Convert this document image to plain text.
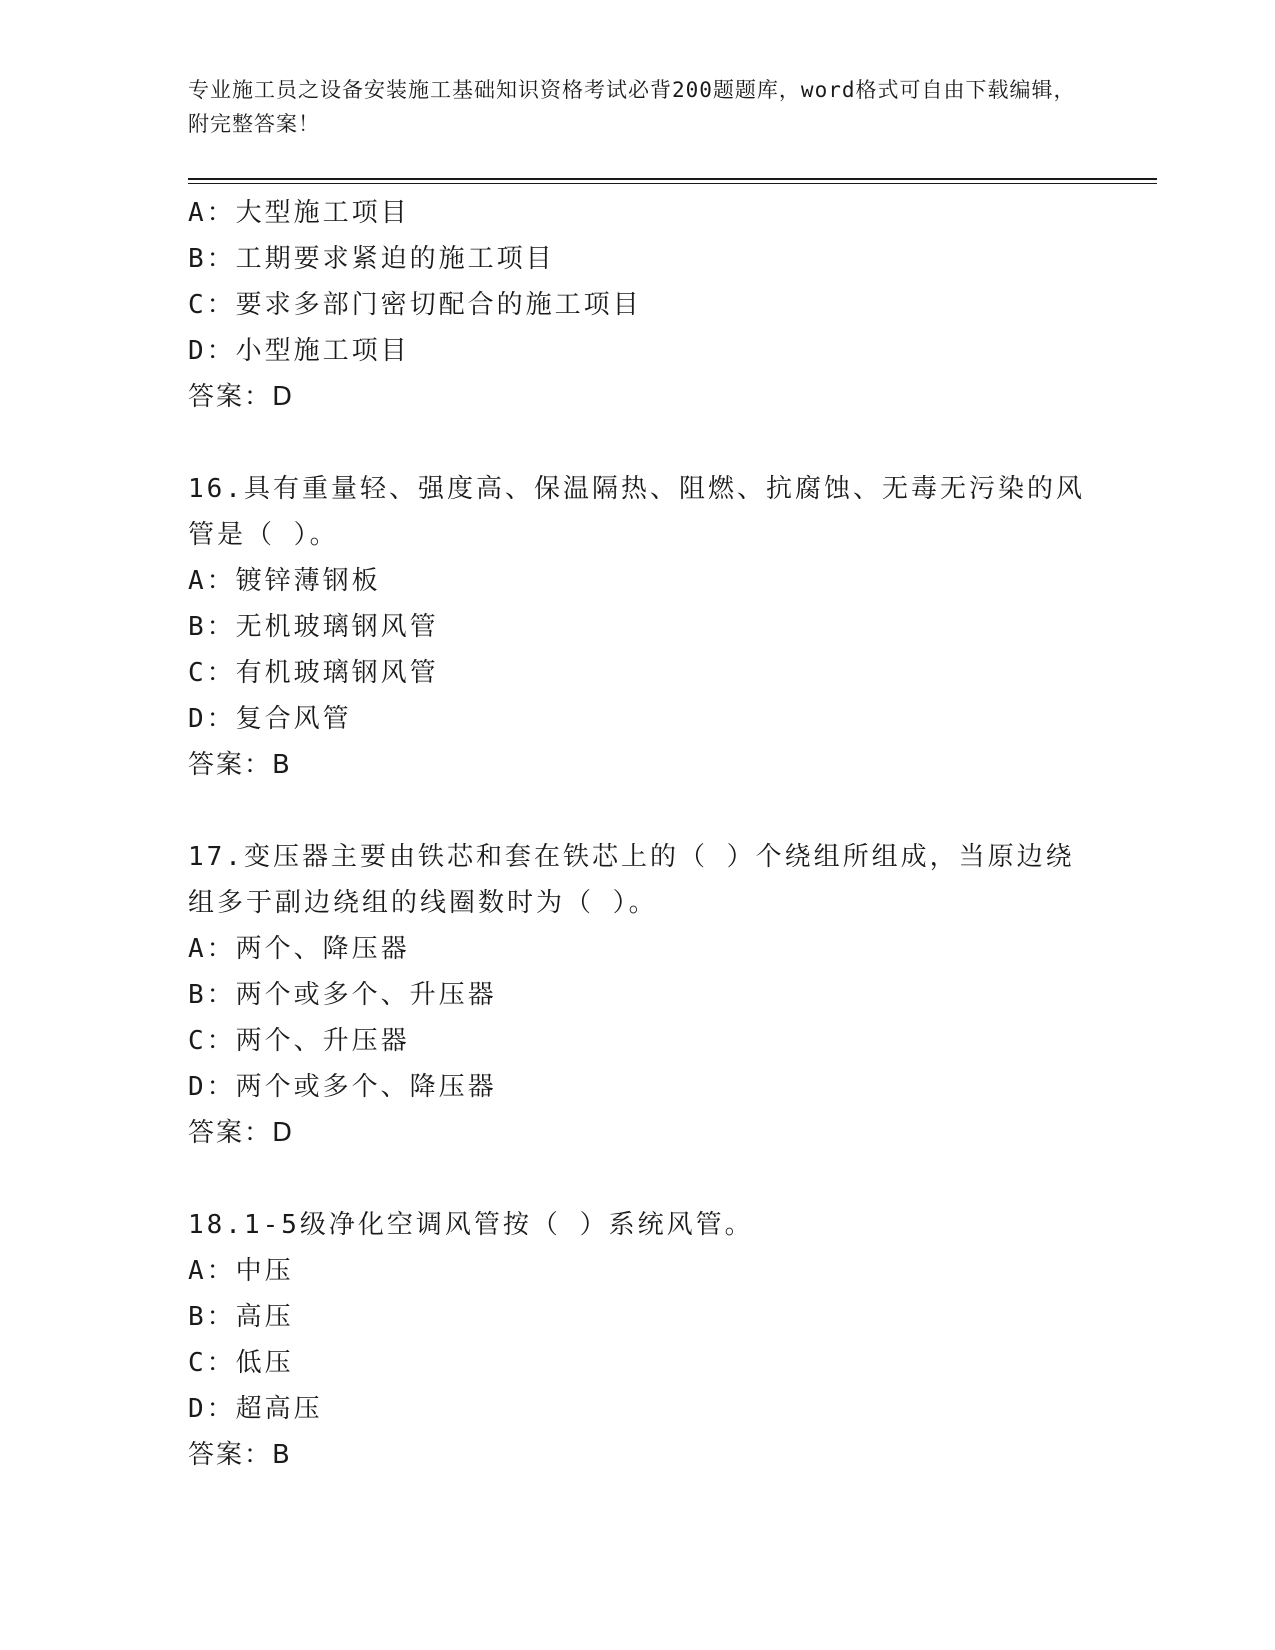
专业施工员之设备安装施工基础知识资格考试必背200题题库，word格式可自由下载编辑，附完整答案！
A：大型施工项目
B：工期要求紧迫的施工项目
C：要求多部门密切配合的施工项目
D：小型施工项目
答案：D
16.具有重量轻、强度高、保温隔热、阻燃、抗腐蚀、无毒无污染的风管是（ ）。
A：镀锌薄钢板
B：无机玻璃钢风管
C：有机玻璃钢风管
D：复合风管
答案：B
17.变压器主要由铁芯和套在铁芯上的（ ）个绕组所组成，当原边绕组多于副边绕组的线圈数时为（ ）。
A：两个、降压器
B：两个或多个、升压器
C：两个、升压器
D：两个或多个、降压器
答案：D
18.1-5级净化空调风管按（ ）系统风管。
A：中压
B：高压
C：低压
D：超高压
答案：B
